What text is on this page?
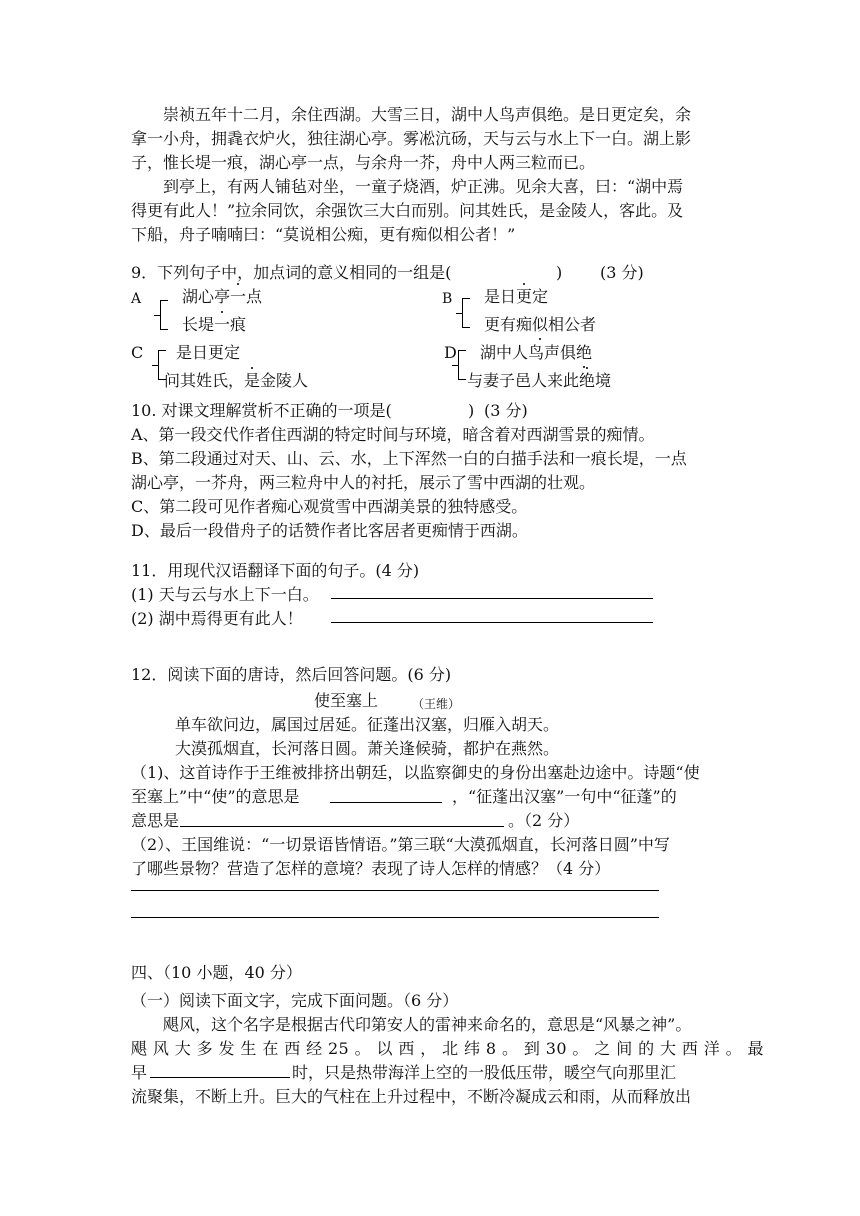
崇祯五年十二月，余住西湖。大雪三日，湖中人鸟声俱绝。是日更定矣，余
拿一小舟，拥毳衣炉火，独往湖心亭。雾凇沆砀，天与云与水上下一白。湖上影
子，惟长堤一痕，湖心亭一点，与余舟一芥，舟中人两三粒而已。
到亭上，有两人铺毡对坐，一童子烧酒，炉正沸。见余大喜，曰：“湖中焉
得更有此人！”拉余同饮，余强饮三大白而别。问其姓氏，是金陵人，客此。及
下船，舟子喃喃曰：“莫说相公痴，更有痴似相公者！”
9．下列句子中，加点词的意义相同的一组是(	) (3 分)
A	湖心亭一点
长堤一痕
B 是日更定
更有痴似相公者
C 是日更定
问其姓氏，是金陵人
D 湖中人鸟声俱绝
与妻子邑人来此绝境
10. 对课文理解赏析不正确的一项是(	) (3 分)
A、第一段交代作者住西湖的特定时间与环境，暗含着对西湖雪景的痴情。
B、第二段通过对天、山、云、水，上下浑然一白的白描手法和一痕长堤，一点
湖心亭，一芥舟，两三粒舟中人的衬托，展示了雪中西湖的壮观。
C、第二段可见作者痴心观赏雪中西湖美景的独特感受。
D、最后一段借舟子的话赞作者比客居者更痴情于西湖。
11．用现代汉语翻译下面的句子。(4 分)
(1) 天与云与水上下一白。
(2) 湖中焉得更有此人！
12．阅读下面的唐诗，然后回答问题。(6 分)
使至塞上	（王维）
单车欲问边，属国过居延。征蓬出汉塞，归雁入胡天。
大漠孤烟直，长河落日圆。萧关逢候骑，都护在燕然。
（1)、这首诗作于王维被排挤出朝廷，以监察御史的身份出塞赴边途中。诗题“使
至塞上”中“使”的意思是	，“征蓬出汉塞”一句中“征蓬”的
意思是	。（2 分）
（2）、王国维说：“一切景语皆情语。”第三联“大漠孤烟直，长河落日圆”中写
了哪些景物？营造了怎样的意境？表现了诗人怎样的情感？（4 分）
四、（10 小题，40 分）
（一）阅读下面文字，完成下面问题。（6 分）
飓风，这个名字是根据古代印第安人的雷神来命名的，意思是“风暴之神”。
飓 风 大 多 发 生 在 西 经 25 。 以 西 ， 北 纬 8 。 到 30 。 之 间 的 大 西 洋 。 最
早	时，只是热带海洋上空的一股低压带，暖空气向那里汇
流聚集，不断上升。巨大的气柱在上升过程中，不断冷凝成云和雨，从而释放出
